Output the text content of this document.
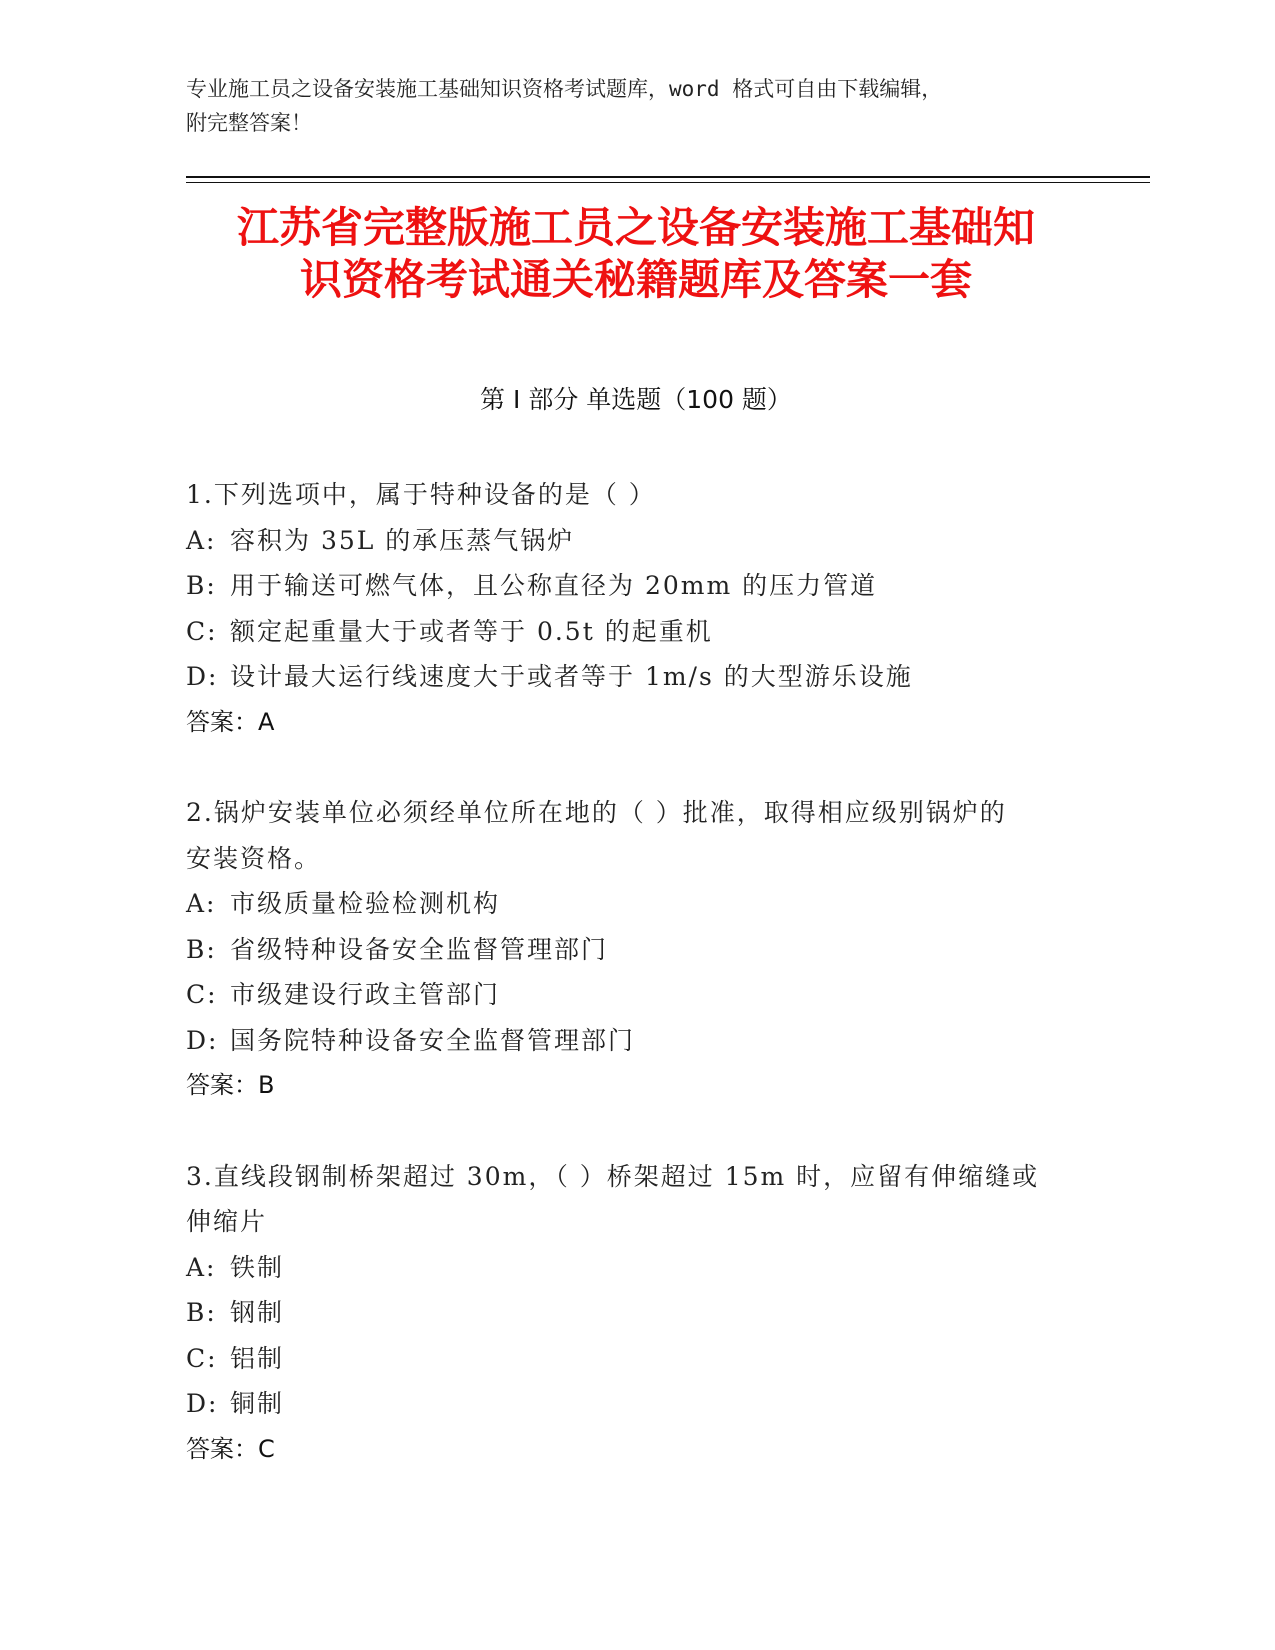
专业施工员之设备安装施工基础知识资格考试题库，word 格式可自由下载编辑，
附完整答案！
江苏省完整版施工员之设备安装施工基础知
识资格考试通关秘籍题库及答案一套
第 I 部分 单选题（100 题）
1.下列选项中，属于特种设备的是（ ）
A: 容积为 35L 的承压蒸气锅炉
B: 用于输送可燃气体，且公称直径为 20mm 的压力管道
C: 额定起重量大于或者等于 0.5t 的起重机
D: 设计最大运行线速度大于或者等于 1m/s 的大型游乐设施
答案：A
2.锅炉安装单位必须经单位所在地的（ ）批准，取得相应级别锅炉的
安装资格。
A: 市级质量检验检测机构
B: 省级特种设备安全监督管理部门
C: 市级建设行政主管部门
D: 国务院特种设备安全监督管理部门
答案：B
3.直线段钢制桥架超过 30m，（ ）桥架超过 15m 时，应留有伸缩缝或
伸缩片
A: 铁制
B: 钢制
C: 铝制
D: 铜制
答案：C
